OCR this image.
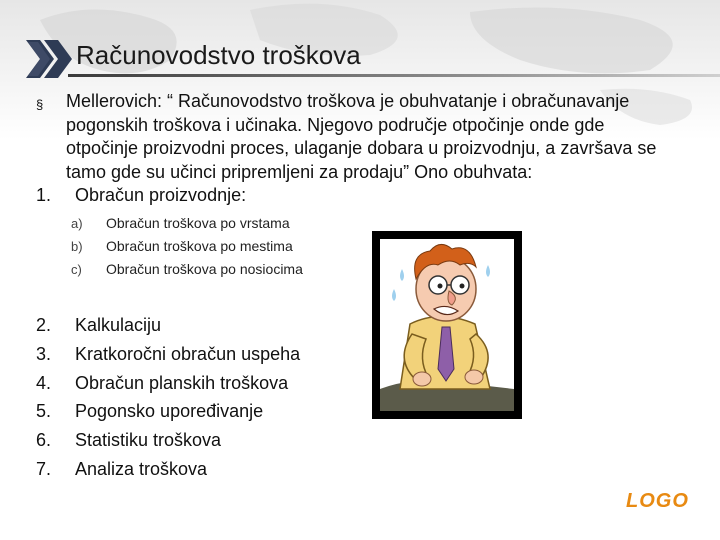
Računovodstvo troškova
§ Mellerovich: “ Računovodstvo troškova je obuhvatanje i obračunavanje pogonskih troškova i učinaka. Njegovo područje otpočinje onde gde otpočinje proizvodni proces, ulaganje dobara u proizvodnju, a završava se tamo gde su učinci pripremljeni za prodaju” Ono obuhvata:
1. Obračun proizvodnje:
a) Obračun troškova po vrstama
b) Obračun troškova po mestima
c) Obračun troškova po nosiocima
2. Kalkulaciju
3. Kratkoročni obračun uspeha
4. Obračun planskih troškova
5. Pogonsko upoređivanje
6. Statistiku troškova
7. Analiza troškova
LOGO
